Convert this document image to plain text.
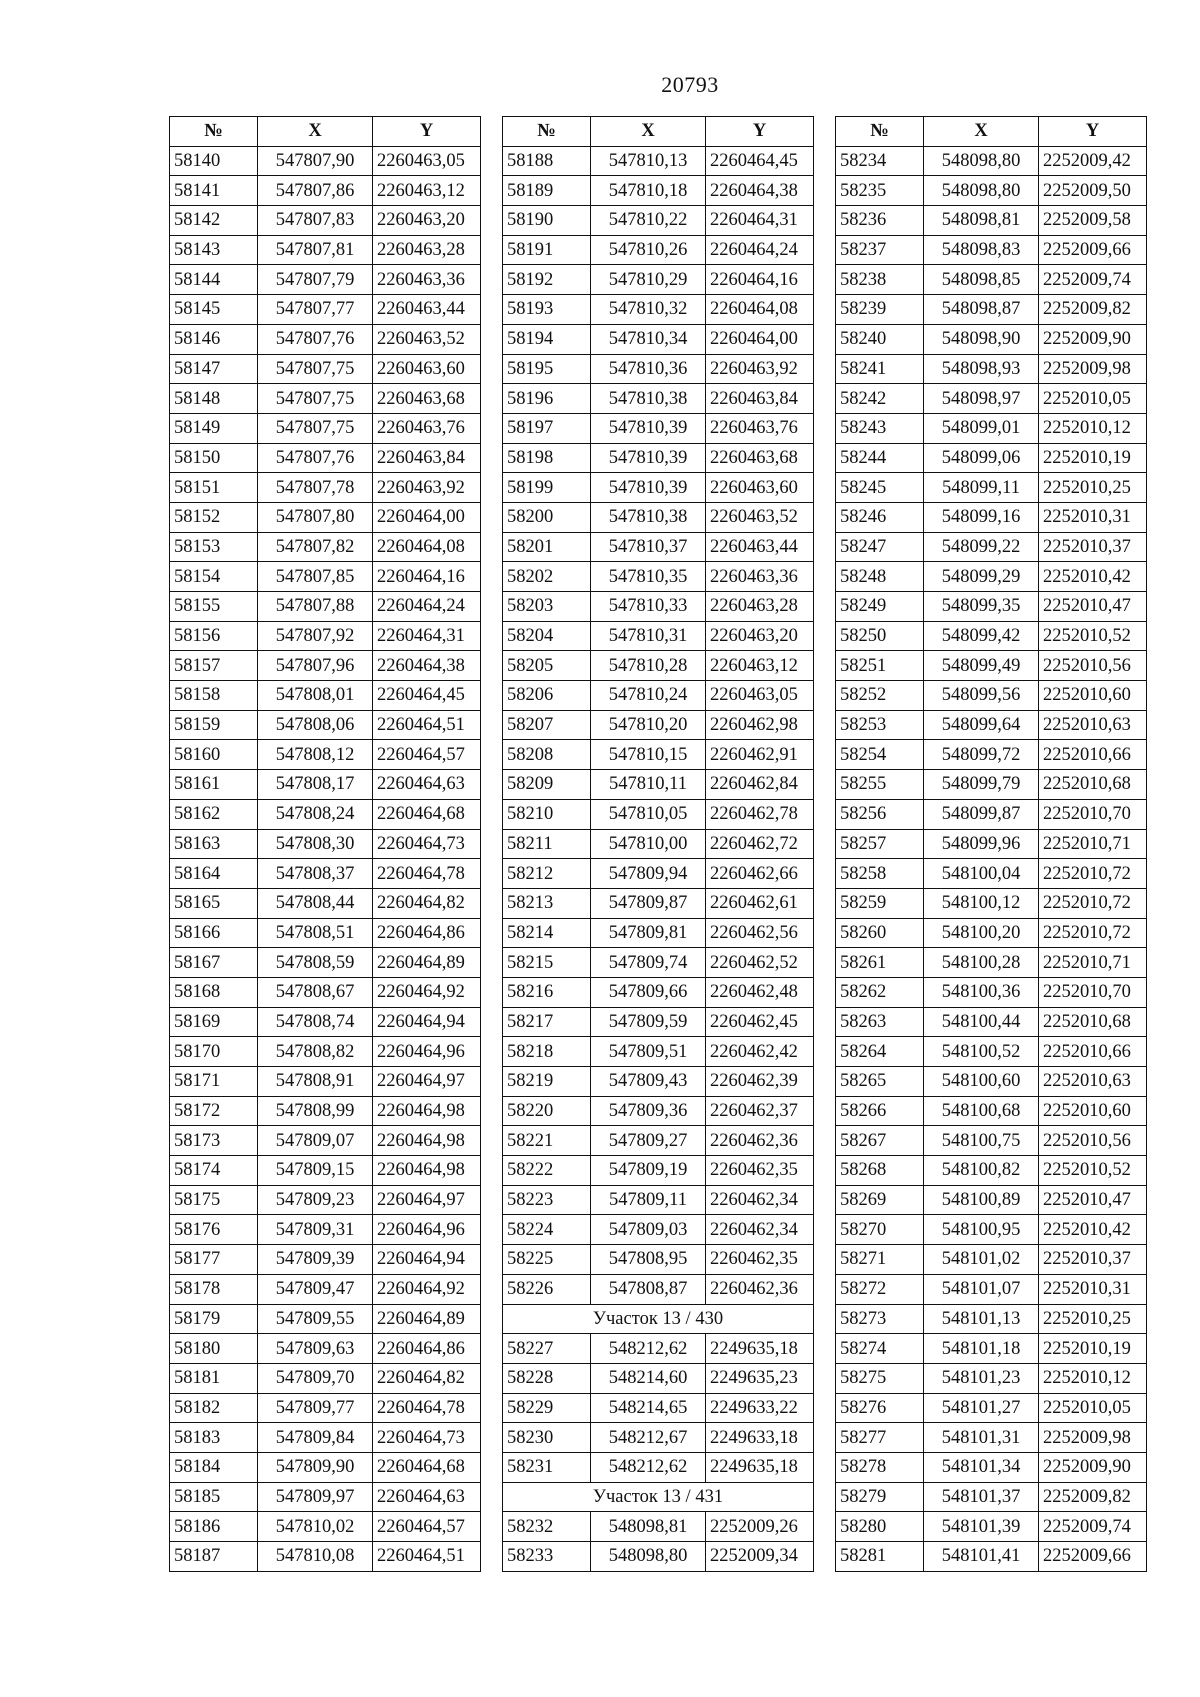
20793
№	X	Y
58140	547807,90	2260463,05
58141	547807,86	2260463,12
58142	547807,83	2260463,20
58143	547807,81	2260463,28
58144	547807,79	2260463,36
58145	547807,77	2260463,44
58146	547807,76	2260463,52
58147	547807,75	2260463,60
58148	547807,75	2260463,68
58149	547807,75	2260463,76
58150	547807,76	2260463,84
58151	547807,78	2260463,92
58152	547807,80	2260464,00
58153	547807,82	2260464,08
58154	547807,85	2260464,16
58155	547807,88	2260464,24
58156	547807,92	2260464,31
58157	547807,96	2260464,38
58158	547808,01	2260464,45
58159	547808,06	2260464,51
58160	547808,12	2260464,57
58161	547808,17	2260464,63
58162	547808,24	2260464,68
58163	547808,30	2260464,73
58164	547808,37	2260464,78
58165	547808,44	2260464,82
58166	547808,51	2260464,86
58167	547808,59	2260464,89
58168	547808,67	2260464,92
58169	547808,74	2260464,94
58170	547808,82	2260464,96
58171	547808,91	2260464,97
58172	547808,99	2260464,98
58173	547809,07	2260464,98
58174	547809,15	2260464,98
58175	547809,23	2260464,97
58176	547809,31	2260464,96
58177	547809,39	2260464,94
58178	547809,47	2260464,92
58179	547809,55	2260464,89
58180	547809,63	2260464,86
58181	547809,70	2260464,82
58182	547809,77	2260464,78
58183	547809,84	2260464,73
58184	547809,90	2260464,68
58185	547809,97	2260464,63
58186	547810,02	2260464,57
58187	547810,08	2260464,51
№	X	Y
58188	547810,13	2260464,45
58189	547810,18	2260464,38
58190	547810,22	2260464,31
58191	547810,26	2260464,24
58192	547810,29	2260464,16
58193	547810,32	2260464,08
58194	547810,34	2260464,00
58195	547810,36	2260463,92
58196	547810,38	2260463,84
58197	547810,39	2260463,76
58198	547810,39	2260463,68
58199	547810,39	2260463,60
58200	547810,38	2260463,52
58201	547810,37	2260463,44
58202	547810,35	2260463,36
58203	547810,33	2260463,28
58204	547810,31	2260463,20
58205	547810,28	2260463,12
58206	547810,24	2260463,05
58207	547810,20	2260462,98
58208	547810,15	2260462,91
58209	547810,11	2260462,84
58210	547810,05	2260462,78
58211	547810,00	2260462,72
58212	547809,94	2260462,66
58213	547809,87	2260462,61
58214	547809,81	2260462,56
58215	547809,74	2260462,52
58216	547809,66	2260462,48
58217	547809,59	2260462,45
58218	547809,51	2260462,42
58219	547809,43	2260462,39
58220	547809,36	2260462,37
58221	547809,27	2260462,36
58222	547809,19	2260462,35
58223	547809,11	2260462,34
58224	547809,03	2260462,34
58225	547808,95	2260462,35
58226	547808,87	2260462,36
Участок 13 / 430		
58227	548212,62	2249635,18
58228	548214,60	2249635,23
58229	548214,65	2249633,22
58230	548212,67	2249633,18
58231	548212,62	2249635,18
Участок 13 / 431		
58232	548098,81	2252009,26
58233	548098,80	2252009,34
№	X	Y
58234	548098,80	2252009,42
58235	548098,80	2252009,50
58236	548098,81	2252009,58
58237	548098,83	2252009,66
58238	548098,85	2252009,74
58239	548098,87	2252009,82
58240	548098,90	2252009,90
58241	548098,93	2252009,98
58242	548098,97	2252010,05
58243	548099,01	2252010,12
58244	548099,06	2252010,19
58245	548099,11	2252010,25
58246	548099,16	2252010,31
58247	548099,22	2252010,37
58248	548099,29	2252010,42
58249	548099,35	2252010,47
58250	548099,42	2252010,52
58251	548099,49	2252010,56
58252	548099,56	2252010,60
58253	548099,64	2252010,63
58254	548099,72	2252010,66
58255	548099,79	2252010,68
58256	548099,87	2252010,70
58257	548099,96	2252010,71
58258	548100,04	2252010,72
58259	548100,12	2252010,72
58260	548100,20	2252010,72
58261	548100,28	2252010,71
58262	548100,36	2252010,70
58263	548100,44	2252010,68
58264	548100,52	2252010,66
58265	548100,60	2252010,63
58266	548100,68	2252010,60
58267	548100,75	2252010,56
58268	548100,82	2252010,52
58269	548100,89	2252010,47
58270	548100,95	2252010,42
58271	548101,02	2252010,37
58272	548101,07	2252010,31
58273	548101,13	2252010,25
58274	548101,18	2252010,19
58275	548101,23	2252010,12
58276	548101,27	2252010,05
58277	548101,31	2252009,98
58278	548101,34	2252009,90
58279	548101,37	2252009,82
58280	548101,39	2252009,74
58281	548101,41	2252009,66
